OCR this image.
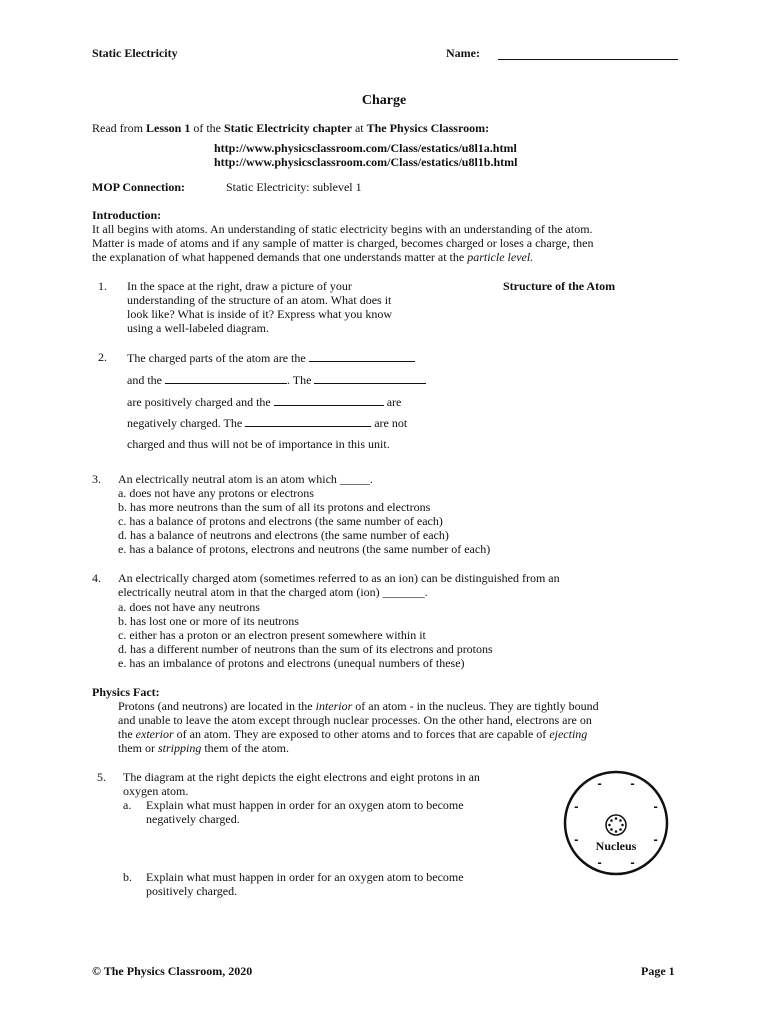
Static Electricity	Name:
Charge
Read from Lesson 1 of the Static Electricity chapter at The Physics Classroom:
http://www.physicsclassroom.com/Class/estatics/u8l1a.html
http://www.physicsclassroom.com/Class/estatics/u8l1b.html
MOP Connection:	Static Electricity: sublevel 1
Introduction:
It all begins with atoms. An understanding of static electricity begins with an understanding of the atom.
Matter is made of atoms and if any sample of matter is charged, becomes charged or loses a charge, then
the explanation of what happened demands that one understands matter at the particle level.
1. In the space at the right, draw a picture of your
understanding of the structure of an atom. What does it
look like? What is inside of it? Express what you know
using a well-labeled diagram.
Structure of the Atom
2. The charged parts of the atom are the
and the	. The
are positively charged and the	are
negatively charged. The	are not
charged and thus will not be of importance in this unit.
3. An electrically neutral atom is an atom which _____.
a. does not have any protons or electrons
b. has more neutrons than the sum of all its protons and electrons
c. has a balance of protons and electrons (the same number of each)
d. has a balance of neutrons and electrons (the same number of each)
e. has a balance of protons, electrons and neutrons (the same number of each)
4. An electrically charged atom (sometimes referred to as an ion) can be distinguished from an
electrically neutral atom in that the charged atom (ion) _______.
a. does not have any neutrons
b. has lost one or more of its neutrons
c. either has a proton or an electron present somewhere within it
d. has a different number of neutrons than the sum of its electrons and protons
e. has an imbalance of protons and electrons (unequal numbers of these)
Physics Fact:
Protons (and neutrons) are located in the interior of an atom - in the nucleus. They are tightly bound
and unable to leave the atom except through nuclear processes. On the other hand, electrons are on
the exterior of an atom. They are exposed to other atoms and to forces that are capable of ejecting
them or stripping them of the atom.
5. The diagram at the right depicts the eight electrons and eight protons in an
oxygen atom.
a. Explain what must happen in order for an oxygen atom to become
negatively charged.
b. Explain what must happen in order for an oxygen atom to become
positively charged.
Nucleus
-
-
-
-
-
-
-
-
© The Physics Classroom, 2020	Page 1
